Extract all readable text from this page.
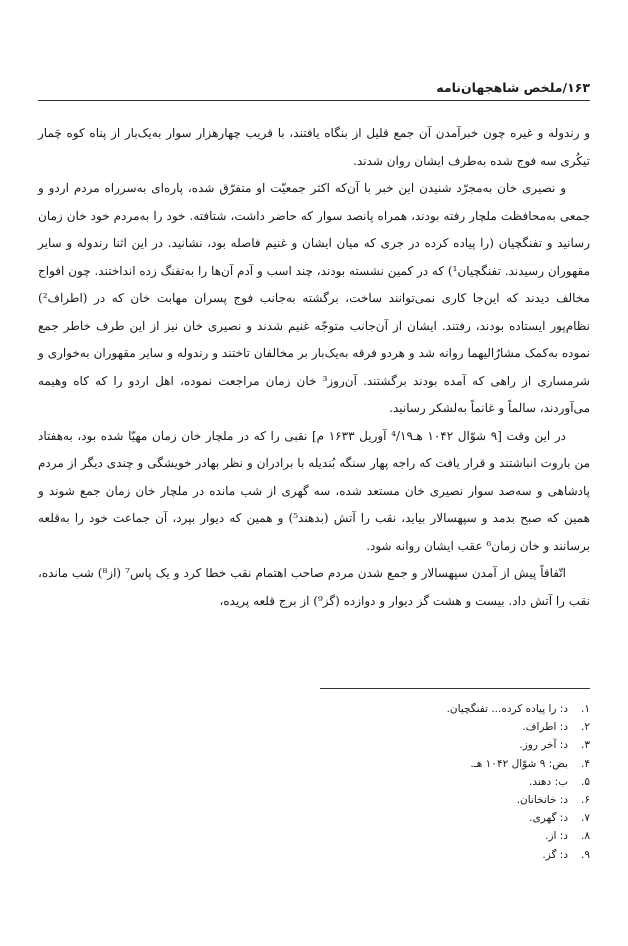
۱۶۳/ملخص شاهجهان‌نامه

و رندوله و غیره چون خبرآمدن آن جمع قلیل از بنگاه یافتند، با قریب چهارهزار سوار به‌یک‌بار از پناه کوه چَمار تیکُری سه فوج شده به‌طرف ایشان روان شدند.

و نصیری خان به‌مجرّد شنیدن این خبر با آن‌که اکثر جمعیّت او متفرّق شده، پاره‌ای به‌سرراه مردم اردو و جمعی به‌محافظت ملچار رفته بودند، همراه پانصد سوار که حاضر داشت، شتافته. خود را به‌مردم خود خان زمان رسانید و تفنگچیان (را پیاده کرده در جری که میان ایشان و غنیم فاصله بود، نشانید. در این اثنا رندوله و سایر مقهوران رسیدند. تفنگچیان¹) که در کمین نشسته بودند، چند اسب و آدم آن‌ها را به‌تفنگ زده انداختند. چون افواج مخالف دیدند که این‌جا کاری نمی‌توانند ساخت، برگشته به‌جانب فوج پسران مهابت خان که در (اطراف²) نظام‌پور ایستاده بودند، رفتند. ایشان از آن‌جانب متوجّه غنیم شدند و نصیری خان نیز از این طرف خاطر جمع نموده به‌کمک مشارٌالیهما روانه شد و هردو فرقه به‌یک‌بار بر مخالفان تاختند و رندوله و سایر مقهوران به‌خواری و شرمساری از راهی که آمده بودند برگشتند. آن‌روز³ خان زمان مراجعت نموده، اهل اردو را که کاه وهیمه می‌آوردند، سالماً و غانماً به‌لشکر رسانید.

در این وقت [۹ شوّال ۱۰۴۲ هـ⁴/۱۹ آوریل ۱۶۳۳ م] نقبی را که در ملچار خان زمان مهیّا شده بود، به‌هفتاد من باروت انباشتند و قرار یافت که راجه پهار سنگه بُندیله با برادران و نظر بهادر خویشگی و چندی دیگر از مردم پادشاهی و سه‌صد سوار نصیری خان مستعد شده، سه گهری از شب مانده در ملچار خان زمان جمع شوند و همین که صبح بدمد و سپهسالار بیاید، نقب را آتش (بدهند⁵) و همین که دیوار بپرد، آن جماعت خود را به‌قلعه برسانند و خان زمان⁶ عقب ایشان روانه شود.

اتّفاقاً پیش از آمدن سپهسالار و جمع شدن مردم صاحب اهتمام نقب خطا کرد و یک پاس⁷ (از⁸) شب مانده، نقب را آتش داد. بیست و هشت گز دیوار و دوازده (گز⁹) از برج قلعه پریده،

۱.د: را پیاده کرده... تفنگچیان.
۲.د: اطراف.
۳.د: آخر روز.
۴.بض: ۹ شوّال ۱۰۴۲ هـ.
۵.ب: دهند.
۶.د: خانخانان.
۷.د: گهری.
۸.د: از.
۹.د: گز.
